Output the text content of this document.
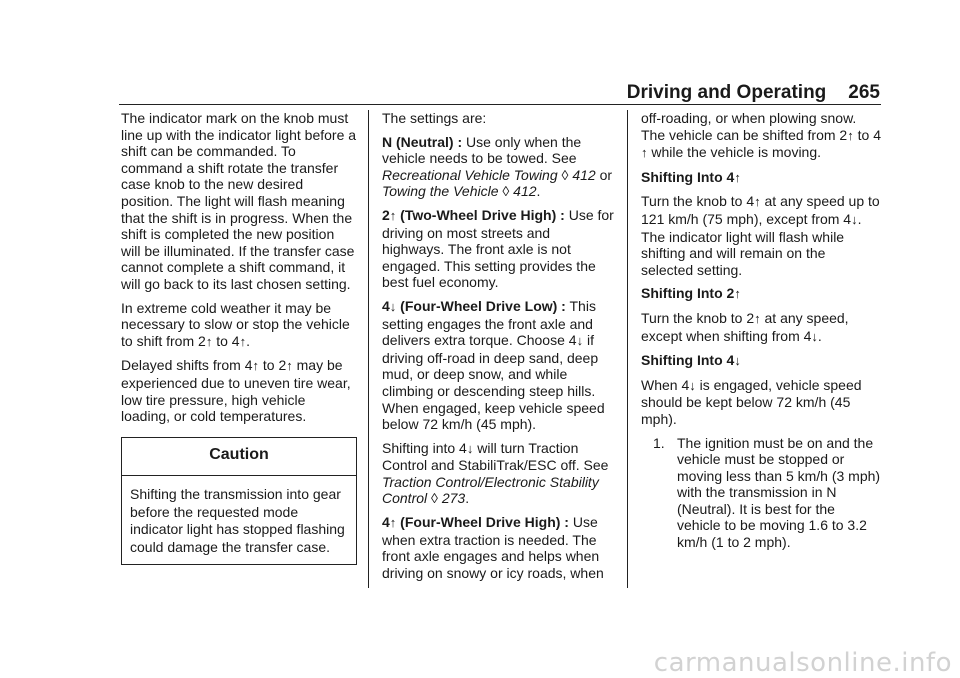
Driving and Operating 265

The indicator mark on the knob must line up with the indicator light before a shift can be commanded. To command a shift rotate the transfer case knob to the new desired position. The light will flash meaning that the shift is in progress. When the shift is completed the new position will be illuminated. If the transfer case cannot complete a shift command, it will go back to its last chosen setting.

In extreme cold weather it may be necessary to slow or stop the vehicle to shift from 2↑ to 4↑.

Delayed shifts from 4↑ to 2↑ may be experienced due to uneven tire wear, low tire pressure, high vehicle loading, or cold temperatures.

Caution
Shifting the transmission into gear before the requested mode indicator light has stopped flashing could damage the transfer case.

The settings are:

N (Neutral) : Use only when the vehicle needs to be towed. See Recreational Vehicle Towing ◊ 412 or Towing the Vehicle ◊ 412.

2↑ (Two-Wheel Drive High) : Use for driving on most streets and highways. The front axle is not engaged. This setting provides the best fuel economy.

4↓ (Four-Wheel Drive Low) : This setting engages the front axle and delivers extra torque. Choose 4↓ if driving off-road in deep sand, deep mud, or deep snow, and while climbing or descending steep hills. When engaged, keep vehicle speed below 72 km/h (45 mph).

Shifting into 4↓ will turn Traction Control and StabiliTrak/ESC off. See Traction Control/Electronic Stability Control ◊ 273.

4↑ (Four-Wheel Drive High) : Use when extra traction is needed. The front axle engages and helps when driving on snowy or icy roads, when

off-roading, or when plowing snow. The vehicle can be shifted from 2↑ to 4↑ while the vehicle is moving.

Shifting Into 4↑

Turn the knob to 4↑ at any speed up to 121 km/h (75 mph), except from 4↓. The indicator light will flash while shifting and will remain on the selected setting.

Shifting Into 2↑

Turn the knob to 2↑ at any speed, except when shifting from 4↓.

Shifting Into 4↓

When 4↓ is engaged, vehicle speed should be kept below 72 km/h (45 mph).

1. The ignition must be on and the vehicle must be stopped or moving less than 5 km/h (3 mph) with the transmission in N (Neutral). It is best for the vehicle to be moving 1.6 to 3.2 km/h (1 to 2 mph).
carmanualsonline.info
